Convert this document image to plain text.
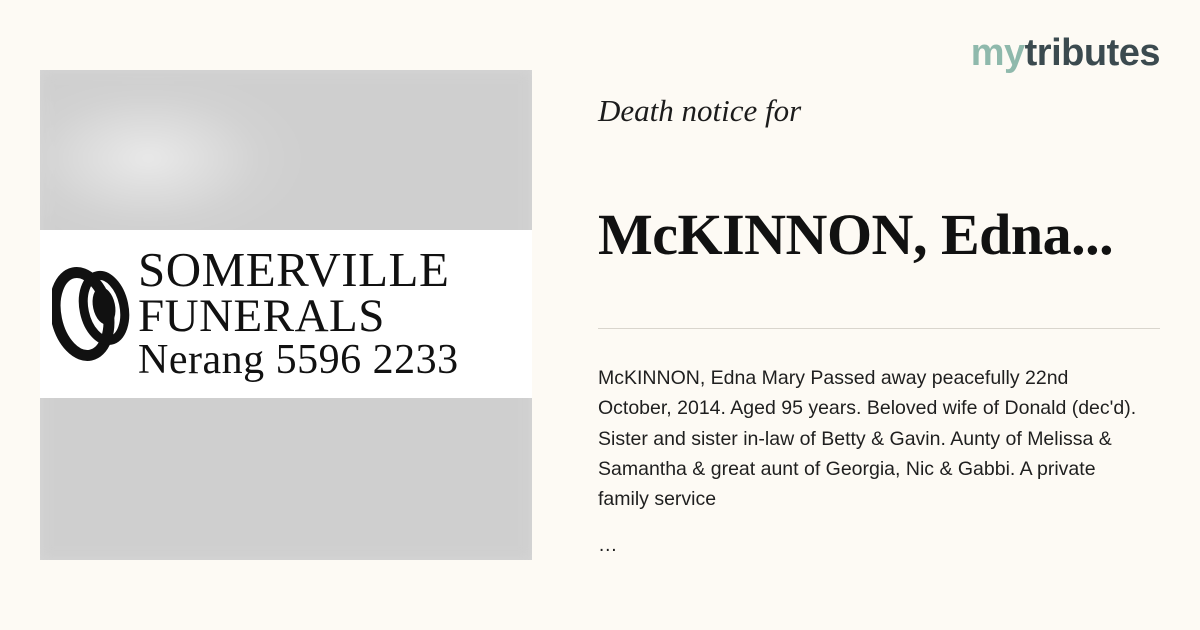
mytributes
SOMERVILLE
FUNERALS
Nerang 5596 2233

Death notice for

McKINNON, Edna...

McKINNON, Edna Mary Passed away peacefully 22nd October, 2014. Aged 95 years. Beloved wife of Donald (dec'd). Sister and sister in-law of Betty & Gavin. Aunty of Melissa & Samantha & great aunt of Georgia, Nic & Gabbi. A private family service

…
